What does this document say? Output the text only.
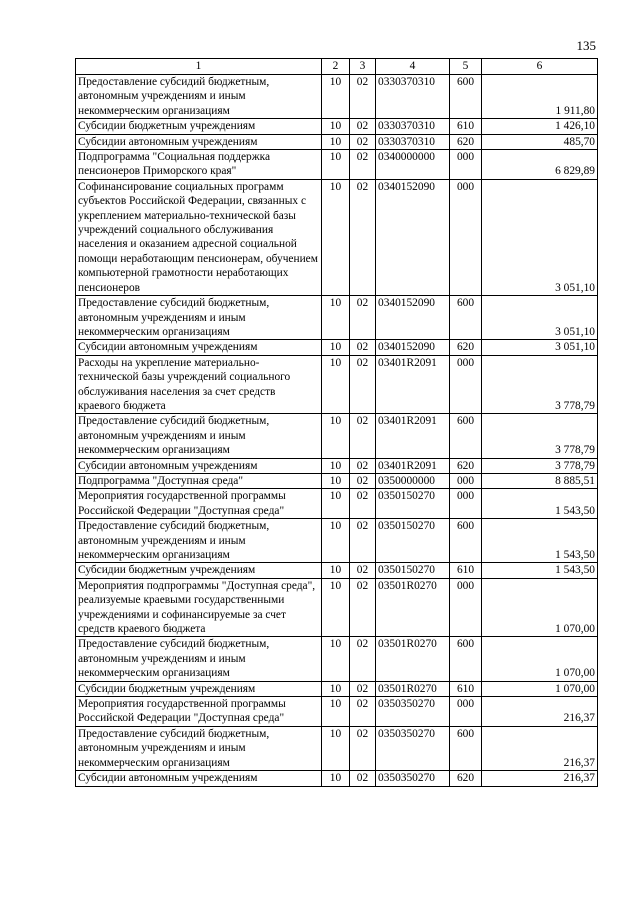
135
1	2	3	4	5	6
Предоставление субсидий бюджетным, автономным учреждениям и иным некоммерческим организациям	10	02	0330370310	600	1 911,80
Субсидии бюджетным учреждениям	10	02	0330370310	610	1 426,10
Субсидии автономным учреждениям	10	02	0330370310	620	485,70
Подпрограмма "Социальная поддержка пенсионеров Приморского края"	10	02	0340000000	000	6 829,89
Софинансирование социальных программ субъектов Российской Федерации, связанных с укреплением материально-технической базы учреждений социального обслуживания населения и оказанием адресной социальной помощи неработающим пенсионерам, обучением компьютерной грамотности неработающих пенсионеров	10	02	0340152090	000	3 051,10
Предоставление субсидий бюджетным, автономным учреждениям и иным некоммерческим организациям	10	02	0340152090	600	3 051,10
Субсидии автономным учреждениям	10	02	0340152090	620	3 051,10
Расходы на укрепление материально-технической базы учреждений социального обслуживания населения за счет средств краевого бюджета	10	02	03401R2091	000	3 778,79
Предоставление субсидий бюджетным, автономным учреждениям и иным некоммерческим организациям	10	02	03401R2091	600	3 778,79
Субсидии автономным учреждениям	10	02	03401R2091	620	3 778,79
Подпрограмма "Доступная среда"	10	02	0350000000	000	8 885,51
Мероприятия государственной программы Российской Федерации "Доступная среда"	10	02	0350150270	000	1 543,50
Предоставление субсидий бюджетным, автономным учреждениям и иным некоммерческим организациям	10	02	0350150270	600	1 543,50
Субсидии бюджетным учреждениям	10	02	0350150270	610	1 543,50
Мероприятия подпрограммы "Доступная среда", реализуемые краевыми государственными учреждениями и софинансируемые за счет средств краевого бюджета	10	02	03501R0270	000	1 070,00
Предоставление субсидий бюджетным, автономным учреждениям и иным некоммерческим организациям	10	02	03501R0270	600	1 070,00
Субсидии бюджетным учреждениям	10	02	03501R0270	610	1 070,00
Мероприятия государственной программы Российской Федерации "Доступная среда"	10	02	0350350270	000	216,37
Предоставление субсидий бюджетным, автономным учреждениям и иным некоммерческим организациям	10	02	0350350270	600	216,37
Субсидии автономным учреждениям	10	02	0350350270	620	216,37
